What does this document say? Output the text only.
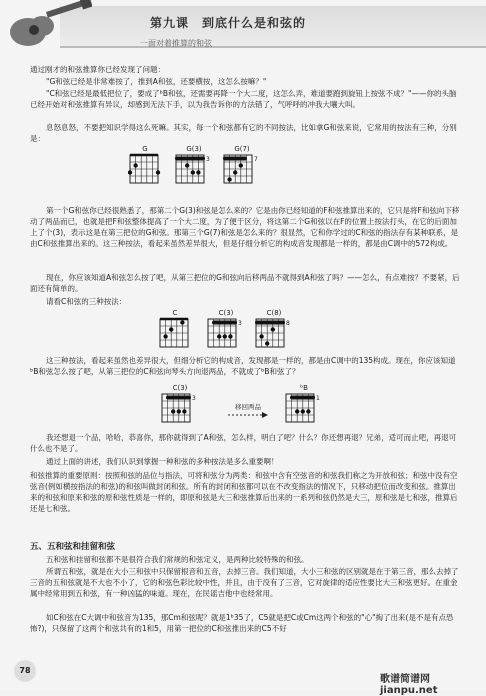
第九课　到底什么是和弦的
一面对着推算的和弦
通过刚才的和弦推算你已经发现了问题：
"G和弦已经是非常难按了，推到A和弦，还要横按，这怎么按嘛？"
"C和弦已经是最低把位了，要成了ᵇB和弦，还需要再降一个大二度，这怎么弄，难道要跑到旋钮上按弦不成？"——你的头脑已经开始对和弦推算有异议，却感到无法下手，以为我告诉你的方法错了，气呼呼的冲我大嚷大叫。
息怒息怒，不要把知识学得这么死嘛。其实，每一个和弦都有它的不同按法，比如拿G和弦来说，它常用的按法有三种，分别是：
G	G(3)
3
G(7)
7
第一个G和弦你已经很熟悉了，那第二个G(3)和弦是怎么来的？它是由你已经知道的F和弦推算出来的，它只是将F和弦向下移动了两品而已，也就是把F和弦整体提高了一个大二度，为了便于区分，将这第二个G和弦以在F的位置上按法打头，在它的后面加上了个(3)，表示这是在第三把位的G和弦。那第三个G(7)和弦是怎么来的？很显然，它和你学过的C和弦的指法存有某种联系，是由C和弦推算出来的。这三种按法，看起来虽然差异很大，但是仔细分析它的构成音发现都是一样的，都是由C调中的572构成。
现在，你应该知道A和弦怎么按了吧，从第三把位的G和弦向后移两品不就得到A和弦了吗？——怎么，有点难按？不要紧，后面还有简单的。
请看C和弦的三种按法：
C	C(3)
3
C(8)
8
这三种按法，看起来虽然也差异很大，但细分析它的构成音，发现都是一样的，都是由C调中的135构成。现在，你应该知道ᵇB和弦怎么按了吧，从第三把位的C和弦向琴头方向退两品，不就成了ᵇB和弦了？
C(3)
3
移回两品
ᵇB
1
我还想退一个品，哈哈，恭喜你，那你就得到了A和弦，怎么样，明白了吧？什么？你还想再退？兄弟，适可而止吧，再退可什么也不是了。
通过上面的讲述，我们认识到掌握一种和弦的多种按法是多么重要啊！
和弦推算的重要原则：按照和弦的品位与指法，可将和弦分为两类：和弦中含有空弦音的和弦我们称之为开放和弦；和弦中没有空弦音(例如横按指法的和弦)的和弦叫做封闭和弦。所有的封闭和弦都可以在不改变指法的情况下，只移动把位而改变和弦。推算出来的和弦和原来和弦的原和弦性质是一样的，即原和弦是大三和弦推算后出来的一系列和弦仍然是大三，原和弦是七和弦，推算后还是七和弦。
五、五和弦和挂留和弦
五和弦和挂留和弦都不是很符合我们常规的和弦定义，是两种比较特殊的和弦。
所谓五和弦，就是在大小三和弦中只保留根音和五音，去掉三音。我们知道，大小三和弦的区别就是在于第三音，那么去掉了三音的五和弦就是不大也不小了，它的和弦色彩比较中性，并且，由于没有了三音，它对旋律的适应性要比大三和弦更好。在重金属中经常用到五和弦，有一种凶猛的味道。现在，在民谣吉他中也经常用。
如C和弦在C大调中和弦音为135，那Cm和弦呢？就是1ᵇ35了，C5就是把C或Cm这两个和弦的"心"掏了出来(是不是有点恐怖?)，只保留了这两个和弦共有的1和5，用第一把位的C和弦推出来的C5不好
78
歌谱简谱网 jianpu.net
